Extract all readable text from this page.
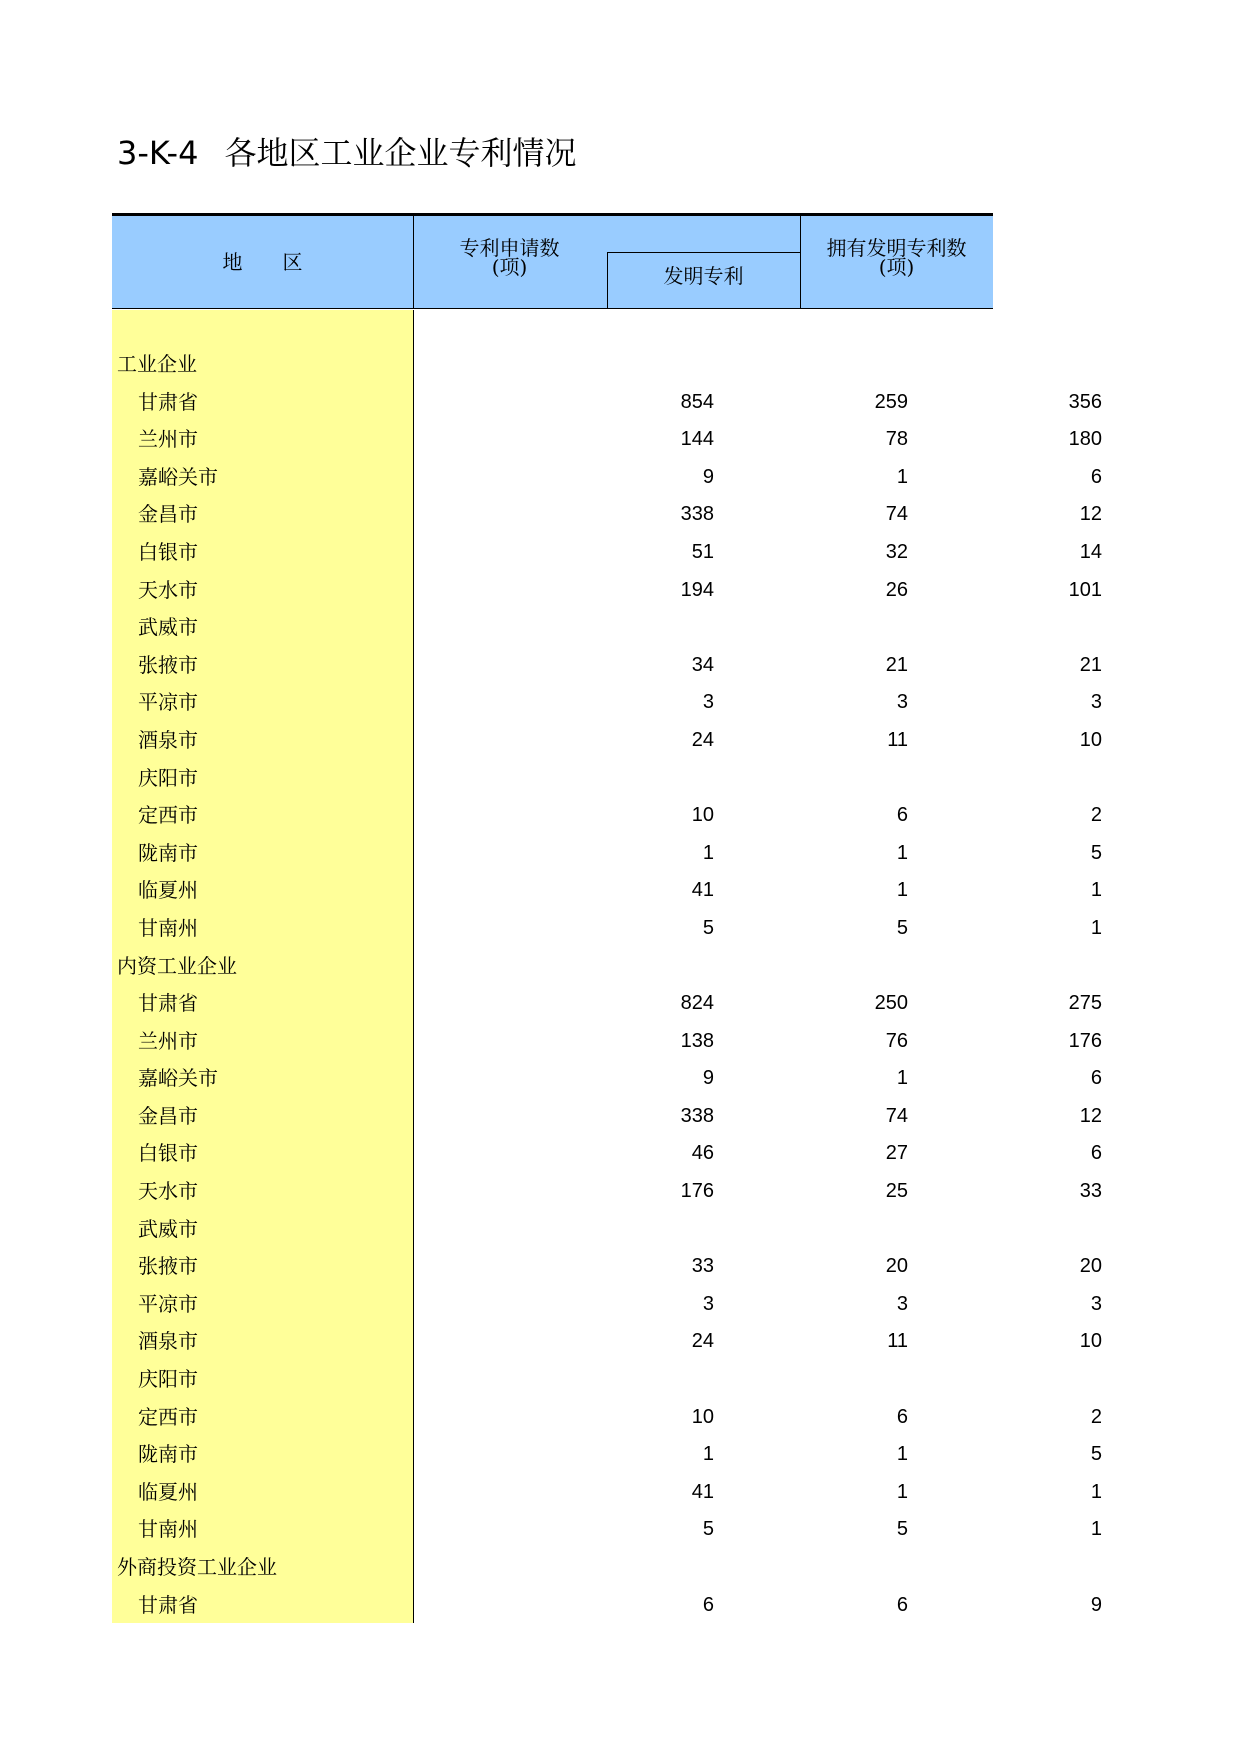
3-K-4 各地区工业企业专利情况
地　　区
专利申请数
(项)	发明专利
拥有发明专利数
(项)
工业企业
甘肃省	854	259	356
兰州市	144	78	180
嘉峪关市	9	1	6
金昌市	338	74	12
白银市	51	32	14
天水市	194	26	101
武威市
张掖市	34	21	21
平凉市	3	3	3
酒泉市	24	11	10
庆阳市
定西市	10	6	2
陇南市	1	1	5
临夏州	41	1	1
甘南州	5	5	1
内资工业企业
甘肃省	824	250	275
兰州市	138	76	176
嘉峪关市	9	1	6
金昌市	338	74	12
白银市	46	27	6
天水市	176	25	33
武威市
张掖市	33	20	20
平凉市	3	3	3
酒泉市	24	11	10
庆阳市
定西市	10	6	2
陇南市	1	1	5
临夏州	41	1	1
甘南州	5	5	1
外商投资工业企业
甘肃省	6	6	9
